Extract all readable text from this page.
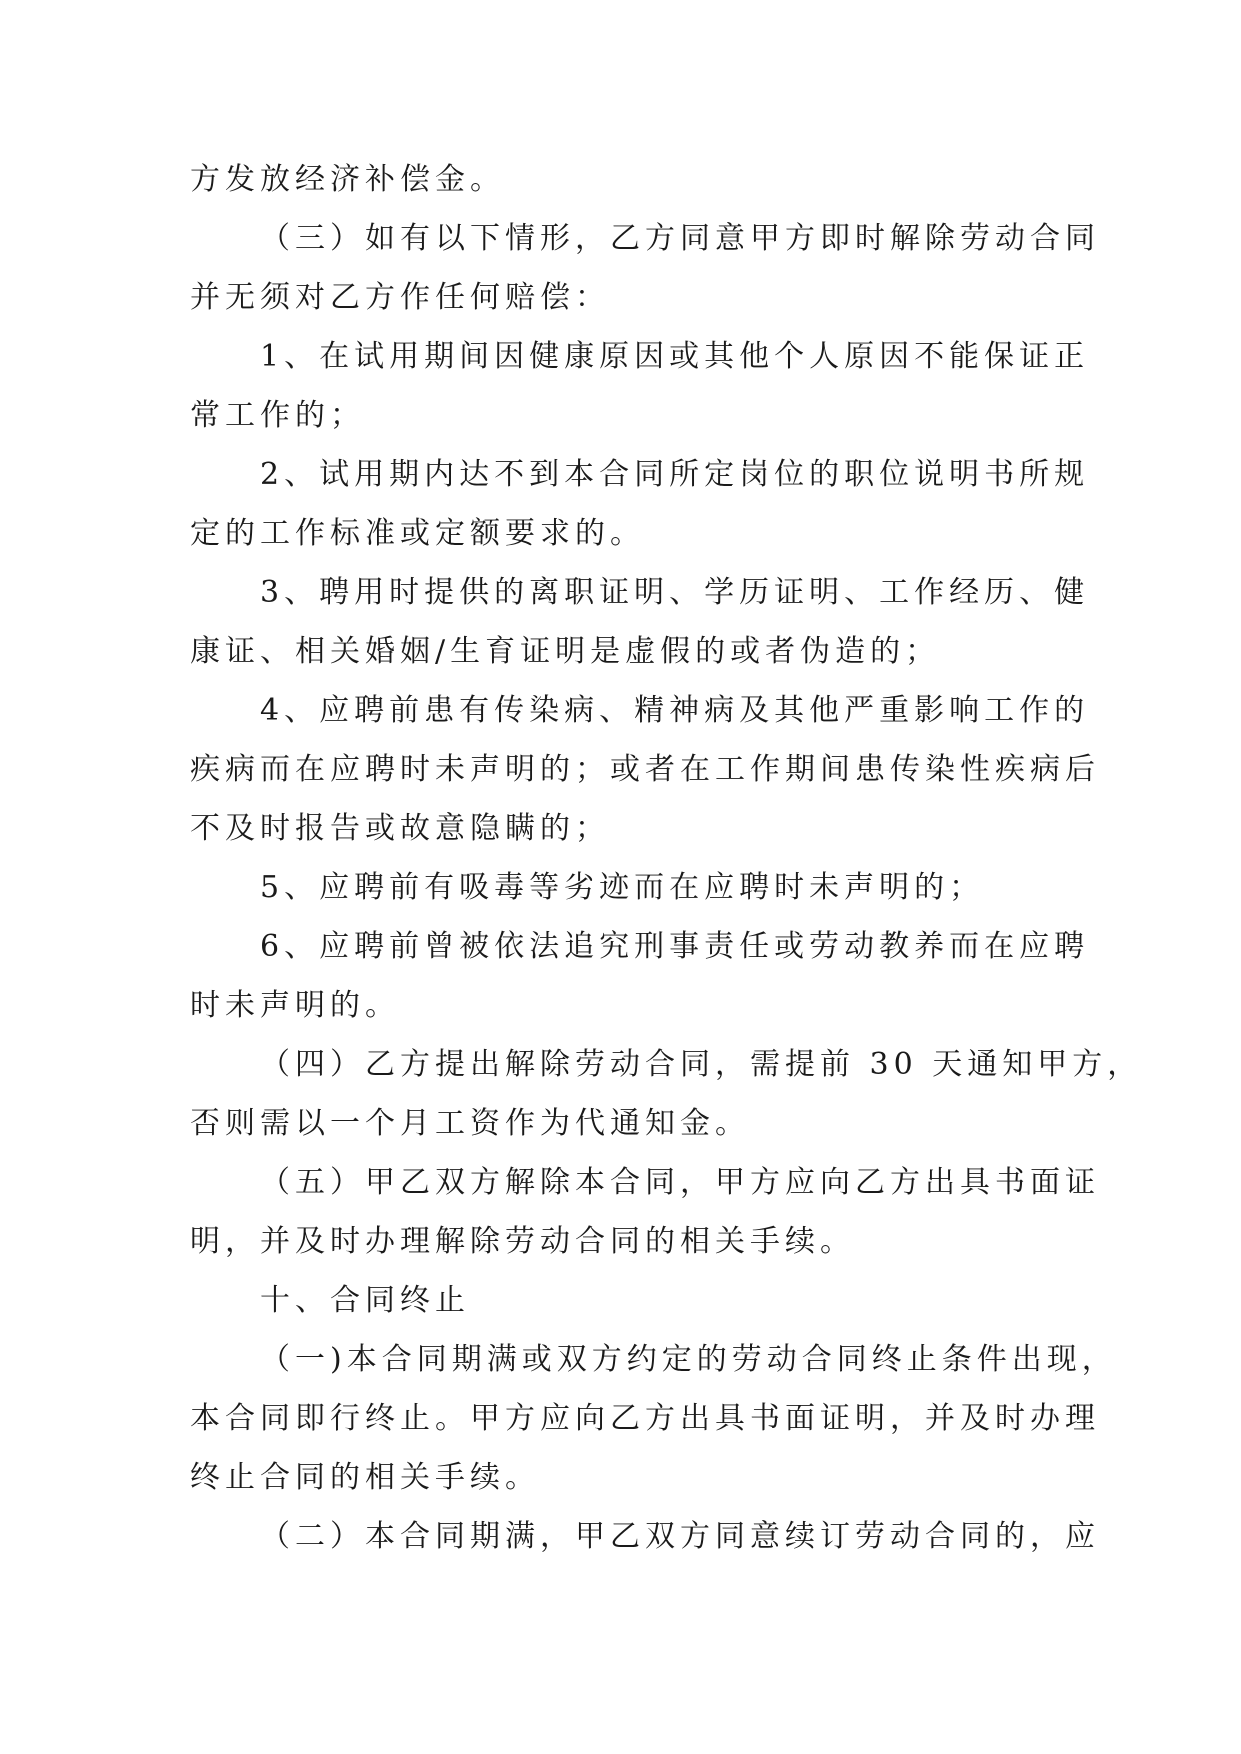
方发放经济补偿金。
（三）如有以下情形，乙方同意甲方即时解除劳动合同
并无须对乙方作任何赔偿：
1、在试用期间因健康原因或其他个人原因不能保证正
常工作的；
2、试用期内达不到本合同所定岗位的职位说明书所规
定的工作标准或定额要求的。
3、聘用时提供的离职证明、学历证明、工作经历、健
康证、相关婚姻/生育证明是虚假的或者伪造的；
4、应聘前患有传染病、精神病及其他严重影响工作的
疾病而在应聘时未声明的；或者在工作期间患传染性疾病后
不及时报告或故意隐瞒的；
5、应聘前有吸毒等劣迹而在应聘时未声明的；
6、应聘前曾被依法追究刑事责任或劳动教养而在应聘
时未声明的。
（四）乙方提出解除劳动合同，需提前 30 天通知甲方，
否则需以一个月工资作为代通知金。
（五）甲乙双方解除本合同，甲方应向乙方出具书面证
明，并及时办理解除劳动合同的相关手续。
十、合同终止
（一)本合同期满或双方约定的劳动合同终止条件出现，
本合同即行终止。甲方应向乙方出具书面证明，并及时办理
终止合同的相关手续。
（二）本合同期满，甲乙双方同意续订劳动合同的，应
